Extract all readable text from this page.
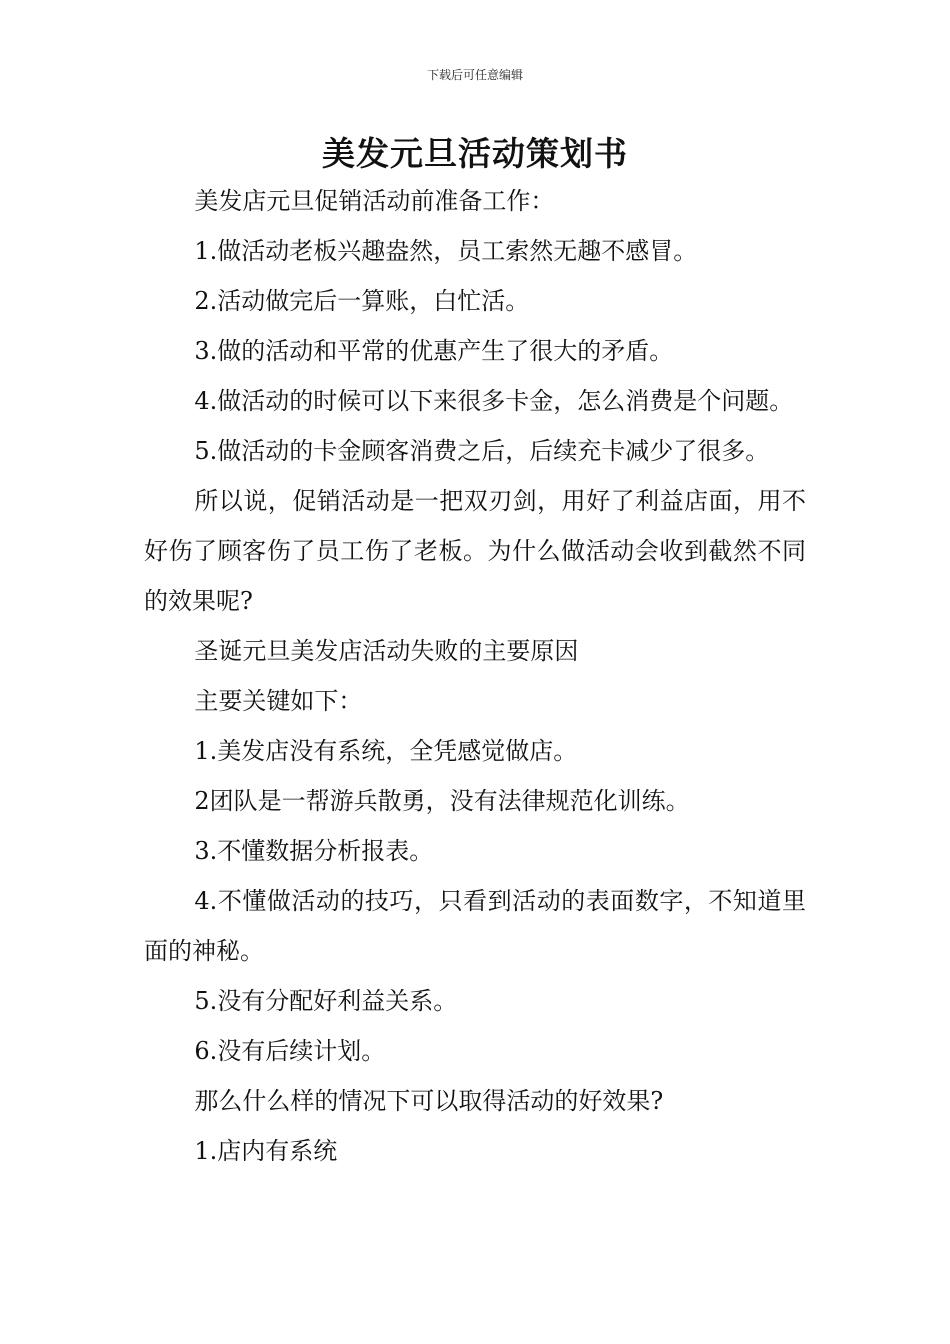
下载后可任意编辑
美发元旦活动策划书

美发店元旦促销活动前准备工作：

1.做活动老板兴趣盎然，员工索然无趣不感冒。

2.活动做完后一算账，白忙活。

3.做的活动和平常的优惠产生了很大的矛盾。

4.做活动的时候可以下来很多卡金，怎么消费是个问题。

5.做活动的卡金顾客消费之后，后续充卡减少了很多。

所以说，促销活动是一把双刃剑，用好了利益店面，用不好伤了顾客伤了员工伤了老板。为什么做活动会收到截然不同的效果呢?

圣诞元旦美发店活动失败的主要原因

主要关键如下：

1.美发店没有系统，全凭感觉做店。

2团队是一帮游兵散勇，没有法律规范化训练。

3.不懂数据分析报表。

4.不懂做活动的技巧，只看到活动的表面数字，不知道里面的神秘。

5.没有分配好利益关系。

6.没有后续计划。

那么什么样的情况下可以取得活动的好效果?

1.店内有系统
